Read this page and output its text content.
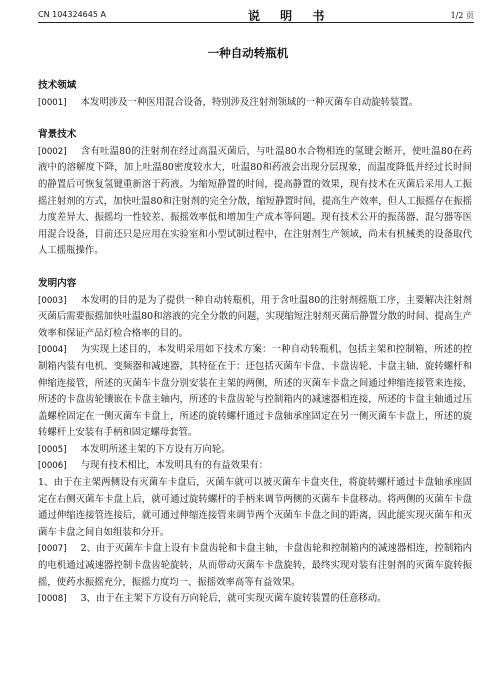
CN 104324645 A	说 明 书	1/2 页
一种自动转瓶机

技术领域

[0001] 本发明涉及一种医用混合设备，特别涉及注射剂领域的一种灭菌车自动旋转装置。

背景技术

[0002] 含有吐温80的注射剂在经过高温灭菌后，与吐温80水合物相连的氢键会断开，使吐温80在药液中的溶解度下降，加上吐温80密度较水大，吐温80和药液会出现分层现象，而温度降低并经过长时间的静置后可恢复氢键重新溶于药液。为缩短静置的时间，提高静置的效果，现有技术在灭菌后采用人工振摇注射剂的方式，加快吐温80和注射剂的完全分散，缩短静置时间，提高生产效率，但人工振摇存在振摇力度差异大、振摇均一性较差、振摇效率低和增加生产成本等问题。现有技术公开的振荡器、混匀器等医用混合设备，目前还只是应用在实验室和小型试制过程中，在注射剂生产领域，尚未有机械类的设备取代人工摇瓶操作。

发明内容

[0003] 本发明的目的是为了提供一种自动转瓶机，用于含吐温80的注射剂摇瓶工序，主要解决注射剂灭菌后需要振摇加快吐温80和溶液的完全分散的问题，实现缩短注射剂灭菌后静置分散的时间、提高生产效率和保证产品灯检合格率的目的。

[0004] 为实现上述目的，本发明采用如下技术方案：一种自动转瓶机，包括主架和控制箱，所述的控制箱内装有电机、变频器和减速器，其特征在于：还包括灭菌车卡盘、卡盘齿轮、卡盘主轴、旋转螺杆和伸缩连接管，所述的灭菌车卡盘分别安装在主架的两侧，所述的灭菌车卡盘之间通过伸缩连接管来连接，所述的卡盘齿轮镶嵌在卡盘主轴内，所述的卡盘齿轮与控制箱内的减速器相连接，所述的卡盘主轴通过压盖螺栓固定在一侧灭菌车卡盘上，所述的旋转螺杆通过卡盘轴承座固定在另一侧灭菌车卡盘上，所述的旋转螺杆上安装有手柄和固定螺母套管。

[0005] 本发明所述主架的下方设有万向轮。

[0006] 与现有技术相比，本发明具有的有益效果有：

1、由于在主架两侧设有灭菌车卡盘后，灭菌车就可以被灭菌车卡盘夹住，将旋转螺杆通过卡盘轴承座固定在右侧灭菌车卡盘上后，就可通过旋转螺杆的手柄来调节两侧的灭菌车卡盘移动。将两侧的灭菌车卡盘通过伸缩连接管连接后，就可通过伸缩连接管来调节两个灭菌车卡盘之间的距离，因此能实现灭菌车和灭菌车卡盘之间自如组装和分开。

[0007] 2、由于灭菌车卡盘上设有卡盘齿轮和卡盘主轴，卡盘齿轮和控制箱内的减速器相连，控制箱内的电机通过减速器控制卡盘齿轮旋转，从而带动灭菌车卡盘旋转，最终实现对装有注射剂的灭菌车旋转振摇，使药水振摇充分，振摇力度均一、振摇效率高等有益效果。

[0008] 3、由于在主架下方设有万向轮后，就可实现灭菌车旋转装置的任意移动。
